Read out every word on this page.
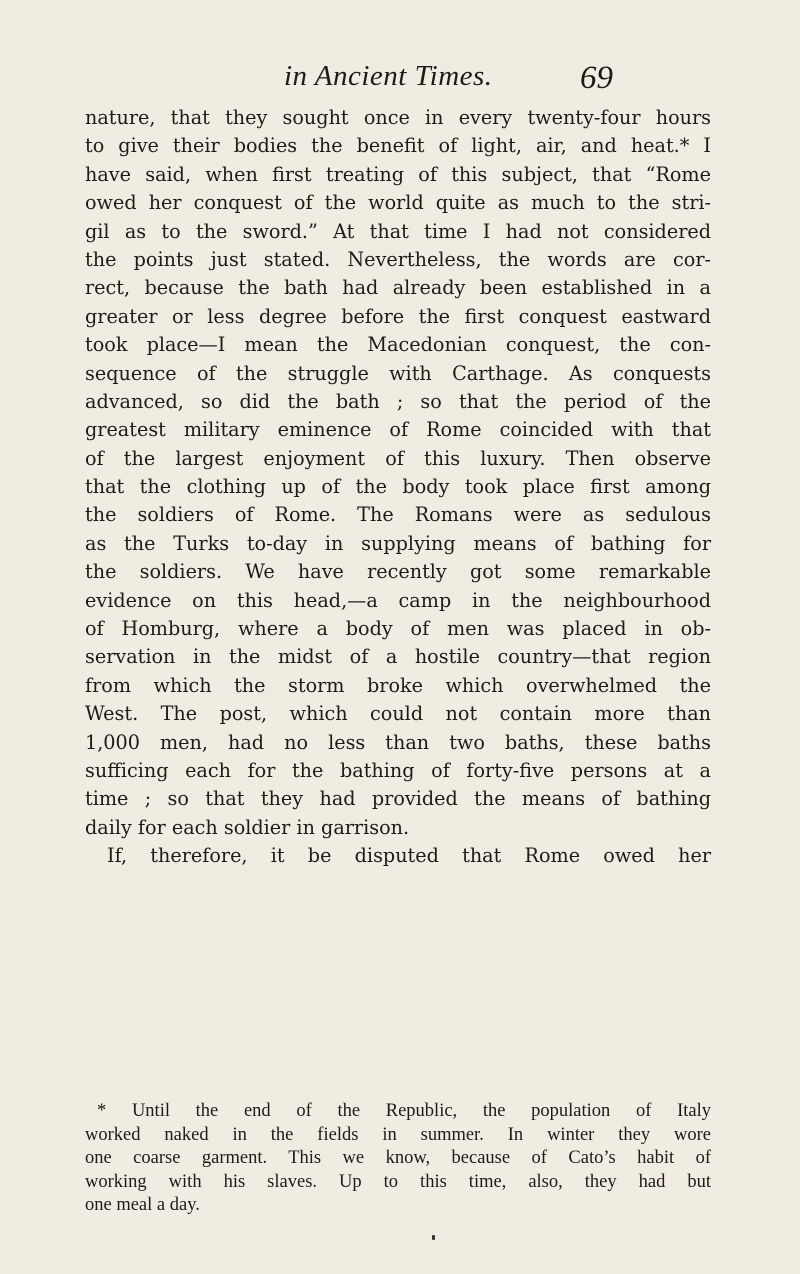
in Ancient Times.	69
nature, that they sought once in every twenty-four hours
to give their bodies the benefit of light, air, and heat.* I
have said, when first treating of this subject, that “Rome
owed her conquest of the world quite as much to the stri-
gil as to the sword.” At that time I had not considered
the points just stated. Nevertheless, the words are cor-
rect, because the bath had already been established in a
greater or less degree before the first conquest eastward
took place—I mean the Macedonian conquest, the con-
sequence of the struggle with Carthage. As conquests
advanced, so did the bath ; so that the period of the
greatest military eminence of Rome coincided with that
of the largest enjoyment of this luxury. Then observe
that the clothing up of the body took place first among
the soldiers of Rome. The Romans were as sedulous
as the Turks to-day in supplying means of bathing for
the soldiers. We have recently got some remarkable
evidence on this head,—a camp in the neighbourhood
of Homburg, where a body of men was placed in ob-
servation in the midst of a hostile country—that region
from which the storm broke which overwhelmed the
West. The post, which could not contain more than
1,000 men, had no less than two baths, these baths
sufficing each for the bathing of forty-five persons at a
time ; so that they had provided the means of bathing
daily for each soldier in garrison.
If, therefore, it be disputed that Rome owed her
* Until the end of the Republic, the population of Italy
worked naked in the fields in summer. In winter they wore
one coarse garment. This we know, because of Cato’s habit of
working with his slaves. Up to this time, also, they had but
one meal a day.
